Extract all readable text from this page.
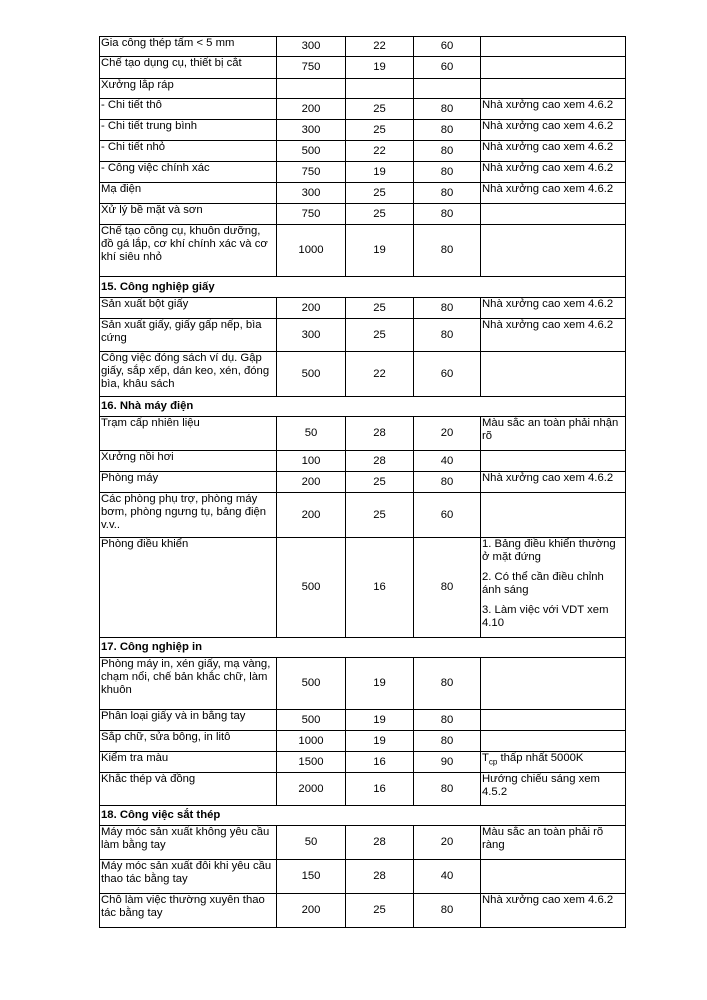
Gia công thép tấm < 5 mm	300	22	60	
Chế tạo dụng cụ, thiết bị cắt	750	19	60	
Xưởng lắp ráp				
- Chi tiết thô	200	25	80	Nhà xưởng cao xem 4.6.2
- Chi tiết trung bình	300	25	80	Nhà xưởng cao xem 4.6.2
- Chi tiết nhỏ	500	22	80	Nhà xưởng cao xem 4.6.2
- Công việc chính xác	750	19	80	Nhà xưởng cao xem 4.6.2
Mạ điện	300	25	80	Nhà xưởng cao xem 4.6.2
Xử lý bề mặt và sơn	750	25	80	
Chế tạo công cụ, khuôn dưỡng, đồ gá lắp, cơ khí chính xác và cơ khí siêu nhỏ	1000	19	80	
15. Công nghiệp giấy				
Sản xuất bột giấy	200	25	80	Nhà xưởng cao xem 4.6.2
Sản xuất giấy, giấy gấp nếp, bìa cứng	300	25	80	Nhà xưởng cao xem 4.6.2
Công việc đóng sách ví dụ. Gập giấy, sắp xếp, dán keo, xén, đóng bìa, khâu sách	500	22	60	
16. Nhà máy điện				
Trạm cấp nhiên liệu	50	28	20	Màu sắc an toàn phải nhận rõ
Xưởng nồi hơi	100	28	40	
Phòng máy	200	25	80	Nhà xưởng cao xem 4.6.2
Các phòng phụ trợ, phòng máy bơm, phòng ngưng tụ, bảng điện v.v..	200	25	60	
Phòng điều khiển	500	16	80	1. Bảng điều khiển thường ở mặt đứng
2. Có thể cần điều chỉnh ánh sáng
3. Làm việc với VDT xem 4.10

17. Công nghiệp in				
Phòng máy in, xén giấy, mạ vàng, chạm nổi, chế bản khắc chữ, làm khuôn	500	19	80	
Phân loại giấy và in bằng tay	500	19	80	
Sắp chữ, sửa bông, in litô	1000	19	80	
Kiểm tra màu	1500	16	90	$T_{cp}$ thấp nhất 5000K
Khắc thép và đồng	2000	16	80	Hướng chiếu sáng xem 4.5.2
18. Công việc sắt thép				
Máy móc sản xuất không yêu cầu làm bằng tay	50	28	20	Màu sắc an toàn phải rõ ràng
Máy móc sản xuất đôi khi yêu cầu thao tác bằng tay	150	28	40	
Chỗ làm việc thường xuyên thao tác bằng tay	200	25	80	Nhà xưởng cao xem 4.6.2
